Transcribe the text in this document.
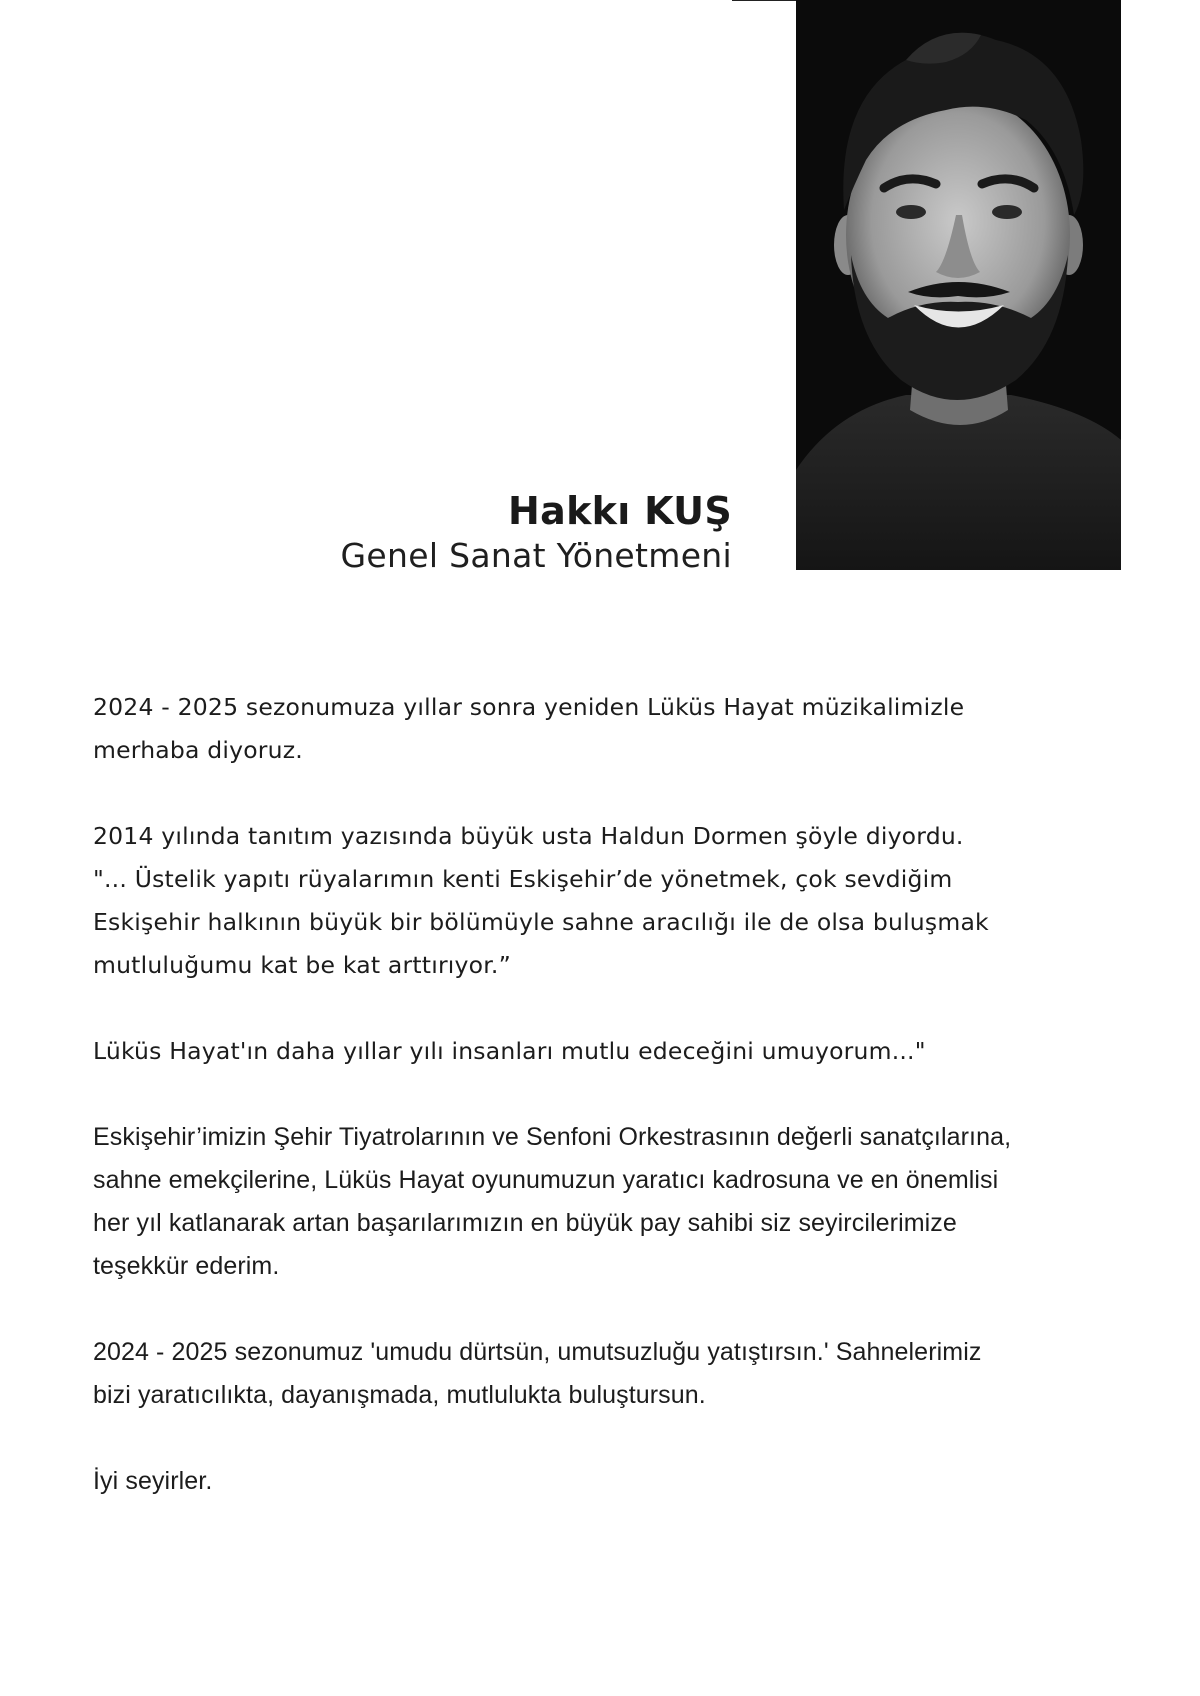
Hakkı KUŞ
Genel Sanat Yönetmeni

2024 - 2025 sezonumuza yıllar sonra yeniden Lüküs Hayat müzikalimizle
merhaba diyoruz.

2014 yılında tanıtım yazısında büyük usta Haldun Dormen şöyle diyordu.
"... Üstelik yapıtı rüyalarımın kenti Eskişehir’de yönetmek, çok sevdiğim
Eskişehir halkının büyük bir bölümüyle sahne aracılığı ile de olsa buluşmak
mutluluğumu kat be kat arttırıyor.”

Lüküs Hayat'ın daha yıllar yılı insanları mutlu edeceğini umuyorum..."

Eskişehir’imizin Şehir Tiyatrolarının ve Senfoni Orkestrasının değerli sanatçılarına,
sahne emekçilerine, Lüküs Hayat oyunumuzun yaratıcı kadrosuna ve en önemlisi
her yıl katlanarak artan başarılarımızın en büyük pay sahibi siz seyircilerimize
teşekkür ederim.

2024 - 2025 sezonumuz 'umudu dürtsün, umutsuzluğu yatıştırsın.' Sahnelerimiz
bizi yaratıcılıkta, dayanışmada, mutlulukta buluştursun.

İyi seyirler.
